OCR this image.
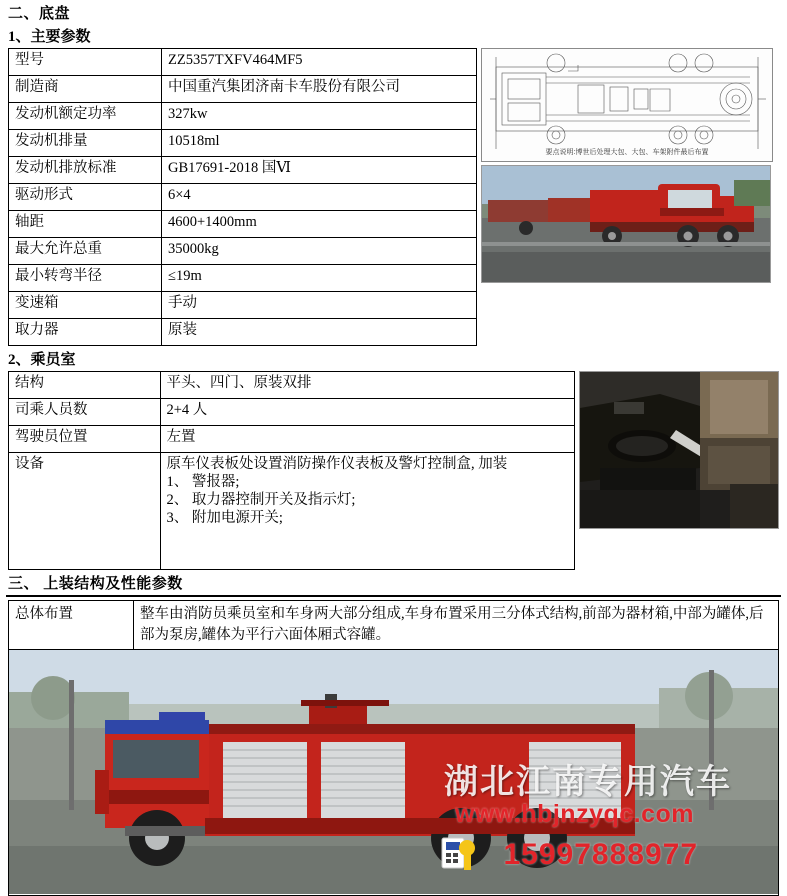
二、底盘
1、主要参数
型号	ZZ5357TXFV464MF5
制造商	中国重汽集团济南卡车股份有限公司
发动机额定功率	327kw
发动机排量	10518ml
发动机排放标准	GB17691-2018 国Ⅵ
驱动形式	6×4
轴距	4600+1400mm
最大允许总重	35000kg
最小转弯半径	≤19m
变速箱	手动
取力器	原装
要点说明:博世后处理大包、大包、车架附件最后布置
2、乘员室
结构	平头、四门、原装双排
司乘人员数	2+4 人
驾驶员位置	左置
设备	原车仪表板处设置消防操作仪表板及警灯控制盒, 加装
1、 警报器;
2、 取力器控制开关及指示灯;
3、 附加电源开关;
三、 上装结构及性能参数
总体布置	整车由消防员乘员室和车身两大部分组成,车身布置采用三分体式结构,前部为器材箱,中部为罐体,后部为泵房,罐体为平行六面体厢式容罐。
湖北江南专用汽车
www.hbjnzyqc.com
15997888977
